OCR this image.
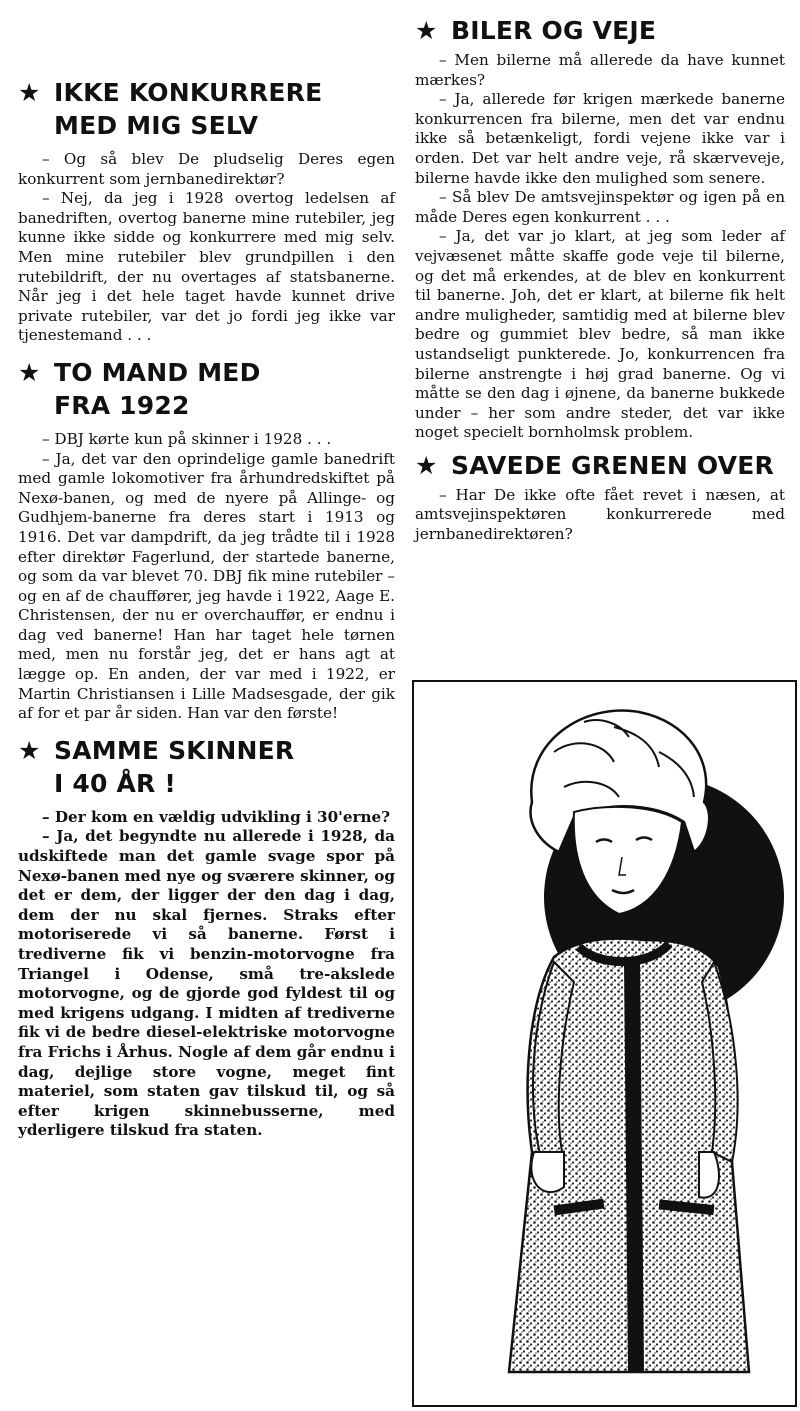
★ IKKE KONKURRERE
MED MIG SELV

– Og så blev De pludselig Deres egen konkurrent som jernbanedirektør?

– Nej, da jeg i 1928 overtog ledelsen af banedriften, overtog banerne mine rutebiler, jeg kunne ikke sidde og konkurrere med mig selv. Men mine rutebiler blev grundpillen i den rutebildrift, der nu overtages af statsbanerne. Når jeg i det hele taget havde kunnet drive private rutebiler, var det jo fordi jeg ikke var tjenestemand . . .

★ TO MAND MED
FRA 1922

– DBJ kørte kun på skinner i 1928 . . .

– Ja, det var den oprindelige gamle banedrift med gamle lokomotiver fra århundredskiftet på Nexø-banen, og med de nyere på Allinge- og Gudhjem-banerne fra deres start i 1913 og 1916. Det var dampdrift, da jeg trådte til i 1928 efter direktør Fagerlund, der startede banerne, og som da var blevet 70. DBJ fik mine rutebiler – og en af de chauffører, jeg havde i 1922, Aage E. Christensen, der nu er overchauffør, er endnu i dag ved banerne! Han har taget hele tørnen med, men nu forstår jeg, det er hans agt at lægge op. En anden, der var med i 1922, er Martin Christiansen i Lille Madsesgade, der gik af for et par år siden. Han var den første!

★ SAMME SKINNER
I 40 ÅR !

– Der kom en vældig udvikling i 30'erne?

– Ja, det begyndte nu allerede i 1928, da udskiftede man det gamle svage spor på Nexø-banen med nye og sværere skinner, og det er dem, der ligger der den dag i dag, dem der nu skal fjernes. Straks efter motoriserede vi så banerne. Først i trediverne fik vi benzin-motorvogne fra Triangel i Odense, små tre-akslede motorvogne, og de gjorde god fyldest til og med krigens udgang. I midten af trediverne fik vi de bedre diesel-elektriske motorvogne fra Frichs i Århus. Nogle af dem går endnu i dag, dejlige store vogne, meget fint materiel, som staten gav tilskud til, og så efter krigen skinnebusserne, med yderligere tilskud fra staten.

★ BILER OG VEJE

– Men bilerne må allerede da have kunnet mærkes?

– Ja, allerede før krigen mærkede banerne konkurrencen fra bilerne, men det var endnu ikke så betænkeligt, fordi vejene ikke var i orden. Det var helt andre veje, rå skærveveje, bilerne havde ikke den mulighed som senere.

– Så blev De amtsvejinspektør og igen på en måde Deres egen konkurrent . . .

– Ja, det var jo klart, at jeg som leder af vejvæsenet måtte skaffe gode veje til bilerne, og det må erkendes, at de blev en konkurrent til banerne. Joh, det er klart, at bilerne fik helt andre muligheder, samtidig med at bilerne blev bedre og gummiet blev bedre, så man ikke ustandseligt punkterede. Jo, konkurrencen fra bilerne anstrengte i høj grad banerne. Og vi måtte se den dag i øjnene, da banerne bukkede under – her som andre steder, det var ikke noget specielt bornholmsk problem.

★ SAVEDE GRENEN OVER

– Har De ikke ofte fået revet i næsen, at amtsvejinspektøren konkurrerede med jernbanedirektøren?
